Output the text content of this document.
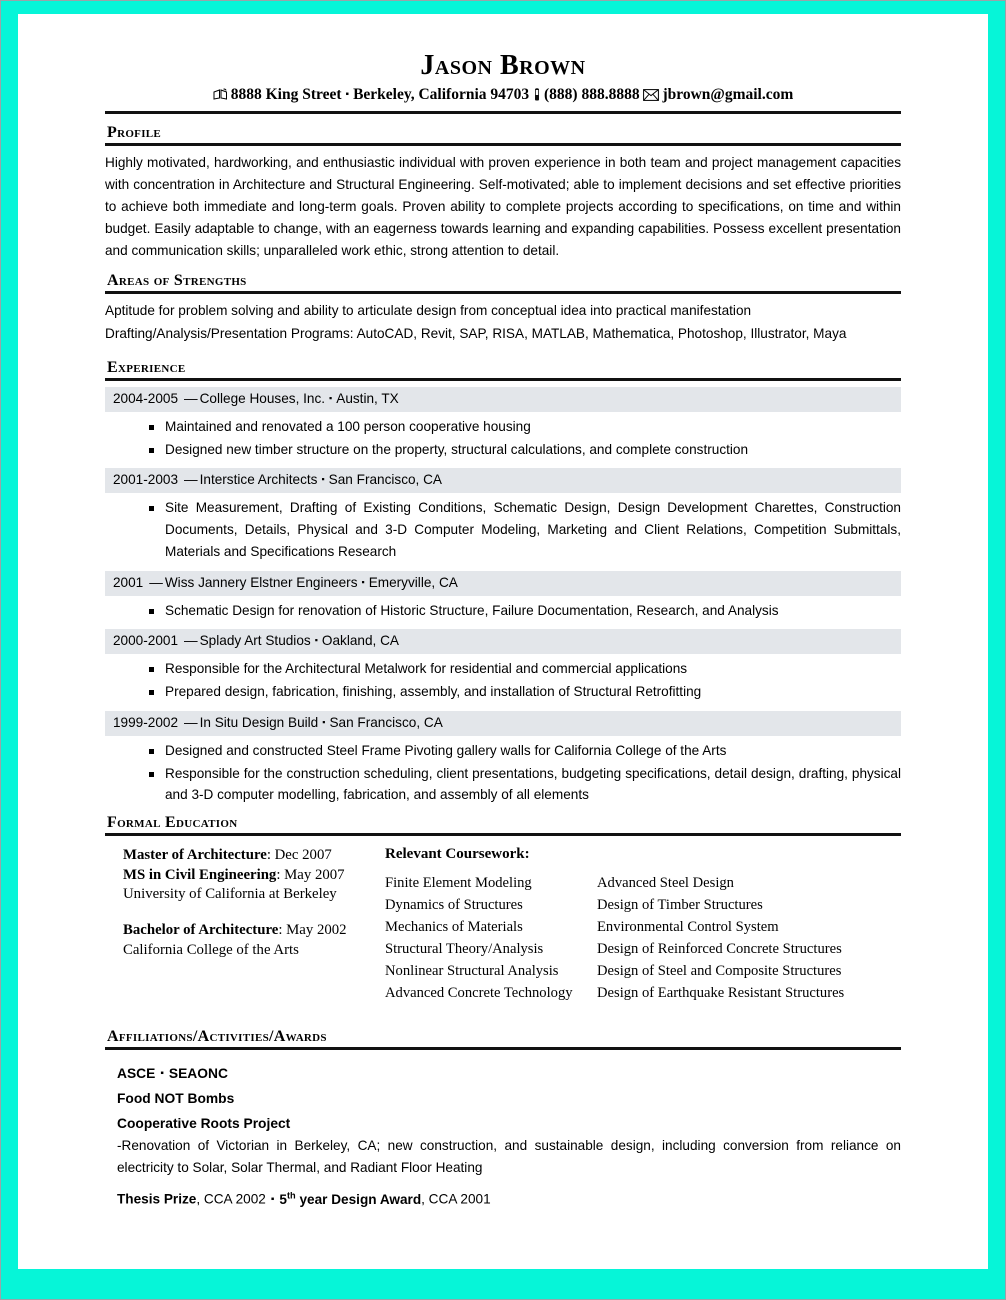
Jason Brown
8888 King Street ▪ Berkeley, California 94703 (888) 888.8888 jbrown@gmail.com
Profile

Highly motivated, hardworking, and enthusiastic individual with proven experience in both team and project management capacities with concentration in Architecture and Structural Engineering. Self-motivated; able to implement decisions and set effective priorities to achieve both immediate and long-term goals. Proven ability to complete projects according to specifications, on time and within budget. Easily adaptable to change, with an eagerness towards learning and expanding capabilities. Possess excellent presentation and communication skills; unparalleled work ethic, strong attention to detail.

Areas of Strengths

Aptitude for problem solving and ability to articulate design from conceptual idea into practical manifestation

Drafting/Analysis/Presentation Programs: AutoCAD, Revit, SAP, RISA, MATLAB, Mathematica, Photoshop, Illustrator, Maya

Experience
2004-2005 — College Houses, Inc. ▪ Austin, TX
Maintained and renovated a 100 person cooperative housing
Designed new timber structure on the property, structural calculations, and complete construction
2001-2003 — Interstice Architects ▪ San Francisco, CA
Site Measurement, Drafting of Existing Conditions, Schematic Design, Design Development Charettes, Construction Documents, Details, Physical and 3-D Computer Modeling, Marketing and Client Relations, Competition Submittals, Materials and Specifications Research
2001 — Wiss Jannery Elstner Engineers ▪ Emeryville, CA
Schematic Design for renovation of Historic Structure, Failure Documentation, Research, and Analysis
2000-2001 — Splady Art Studios ▪ Oakland, CA
Responsible for the Architectural Metalwork for residential and commercial applications
Prepared design, fabrication, finishing, assembly, and installation of Structural Retrofitting
1999-2002 — In Situ Design Build ▪ San Francisco, CA
Designed and constructed Steel Frame Pivoting gallery walls for California College of the Arts
Responsible for the construction scheduling, client presentations, budgeting specifications, detail design, drafting, physical and 3-D computer modelling, fabrication, and assembly of all elements
Formal Education
Master of Architecture: Dec 2007
MS in Civil Engineering: May 2007
University of California at Berkeley
Bachelor of Architecture: May 2002
California College of the Arts
Relevant Coursework:
Finite Element Modeling
Dynamics of Structures
Mechanics of Materials
Structural Theory/Analysis
Nonlinear Structural Analysis
Advanced Concrete Technology
Advanced Steel Design
Design of Timber Structures
Environmental Control System
Design of Reinforced Concrete Structures
Design of Steel and Composite Structures
Design of Earthquake Resistant Structures
Affiliations/Activities/Awards
ASCE ▪ SEAONC
Food NOT Bombs
Cooperative Roots Project

-Renovation of Victorian in Berkeley, CA; new construction, and sustainable design, including conversion from reliance on electricity to Solar, Solar Thermal, and Radiant Floor Heating

Thesis Prize, CCA 2002 ▪ 5th year Design Award, CCA 2001
